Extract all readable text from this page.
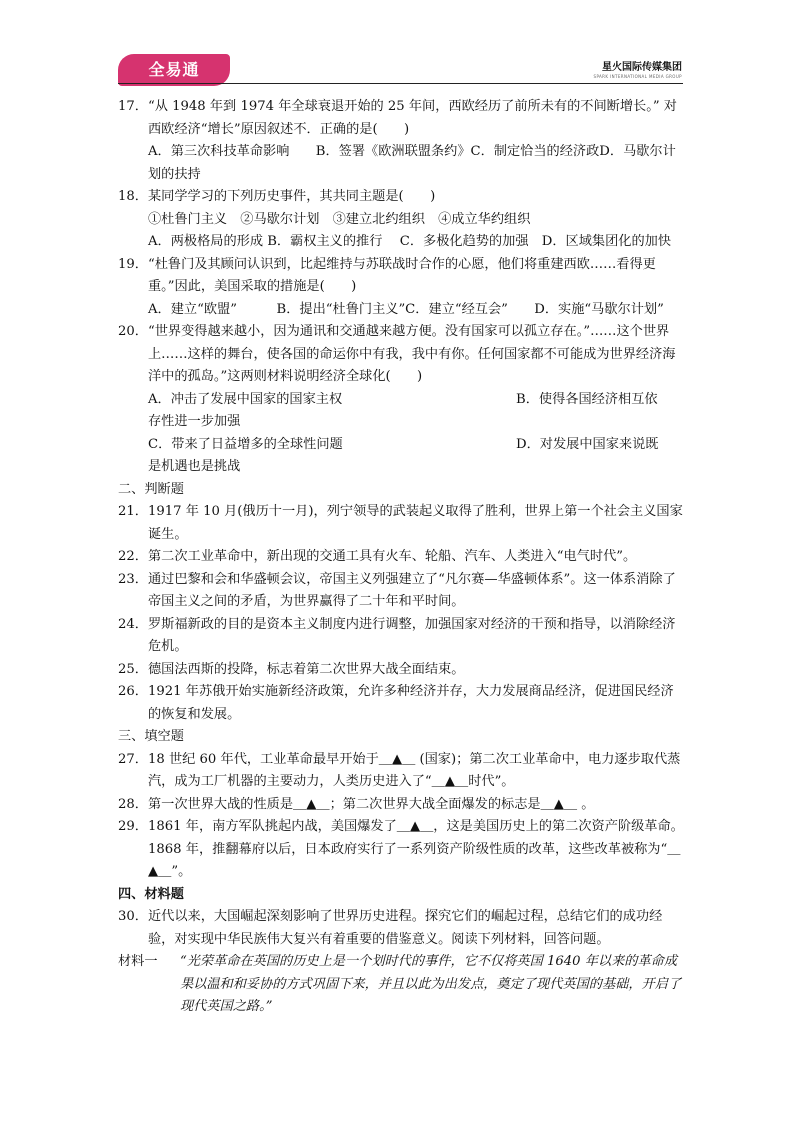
全易通	星火国际传媒集团
SPARK INTERNATIONAL MEDIA GROUP
17． “从 1948 年到 1974 年全球衰退开始的 25 年间，西欧经历了前所未有的不间断增长。” 对西欧经济“增长”原因叙述不．正确的是(　　)
A．第三次科技革命影响　　B．签署《欧洲联盟条约》C．制定恰当的经济政D．马歇尔计划的扶持
18． 某同学学习的下列历史事件，其共同主题是(　　)
①杜鲁门主义　②马歇尔计划　③建立北约组织　④成立华约组织
A．两极格局的形成 B．霸权主义的推行　 C．多极化趋势的加强　D．区域集团化的加快
19． “杜鲁门及其顾问认识到，比起维持与苏联战时合作的心愿，他们将重建西欧……看得更重。”因此，美国采取的措施是(　　)
A．建立“欧盟”　　　B．提出“杜鲁门主义”C．建立“经互会”　　D．实施“马歇尔计划”
20． “世界变得越来越小，因为通讯和交通越来越方便。没有国家可以孤立存在。”……这个世界上……这样的舞台，使各国的命运你中有我，我中有你。任何国家都不可能成为世界经济海洋中的孤岛。”这两则材料说明经济全球化(　　)
A．冲击了发展中国家的国家主权	B．使得各国经济相互依
存性进一步加强
C．带来了日益增多的全球性问题	D．对发展中国家来说既
是机遇也是挑战
二、判断题
21． 1917 年 10 月(俄历十一月)，列宁领导的武装起义取得了胜利，世界上第一个社会主义国家诞生。
22． 第二次工业革命中，新出现的交通工具有火车、轮船、汽车、人类进入“电气时代”。
23． 通过巴黎和会和华盛顿会议，帝国主义列强建立了“凡尔赛—华盛顿体系”。这一体系消除了帝国主义之间的矛盾，为世界赢得了二十年和平时间。
24． 罗斯福新政的目的是资本主义制度内进行调整，加强国家对经济的干预和指导，以消除经济危机。
25． 德国法西斯的投降，标志着第二次世界大战全面结束。
26． 1921 年苏俄开始实施新经济政策，允许多种经济并存，大力发展商品经济，促进国民经济的恢复和发展。
三、填空题
27． 18 世纪 60 年代，工业革命最早开始于＿▲＿ (国家)；第二次工业革命中，电力逐步取代蒸汽，成为工厂机器的主要动力，人类历史进入了“＿▲＿时代”。
28． 第一次世界大战的性质是＿▲＿；第二次世界大战全面爆发的标志是＿▲＿ 。
29． 1861 年，南方军队挑起内战，美国爆发了＿▲＿，这是美国历史上的第二次资产阶级革命。1868 年，推翻幕府以后，日本政府实行了一系列资产阶级性质的改革，这些改革被称为“＿▲＿”。
四、材料题
30． 近代以来，大国崛起深刻影响了世界历史进程。探究它们的崛起过程，总结它们的成功经验，对实现中华民族伟大复兴有着重要的借鉴意义。阅读下列材料，回答问题。
材料一 “光荣革命在英国的历史上是一个划时代的事件，它不仅将英国 1640 年以来的革命成果以温和和妥协的方式巩固下来，并且以此为出发点，奠定了现代英国的基础，开启了现代英国之路。”
